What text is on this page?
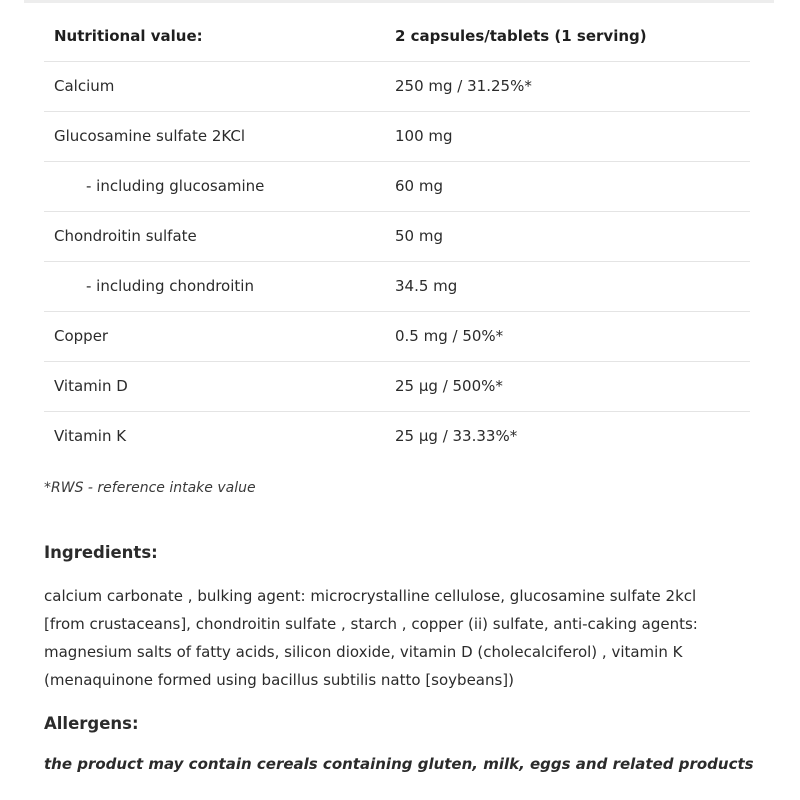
Nutritional value:	2 capsules/tablets (1 serving)
Calcium	250 mg / 31.25%*
Glucosamine sulfate 2KCl	100 mg
- including glucosamine	60 mg
Chondroitin sulfate	50 mg
- including chondroitin	34.5 mg
Copper	0.5 mg / 50%*
Vitamin D	25 µg / 500%*
Vitamin K	25 µg / 33.33%*
*RWS - reference intake value
Ingredients:
calcium carbonate , bulking agent: microcrystalline cellulose, glucosamine sulfate 2kcl
[from crustaceans], chondroitin sulfate , starch , copper (ii) sulfate, anti-caking agents:
magnesium salts of fatty acids, silicon dioxide, vitamin D (cholecalciferol) , vitamin K
(menaquinone formed using bacillus subtilis natto [soybeans])
Allergens:
the product may contain cereals containing gluten, milk, eggs and related products
